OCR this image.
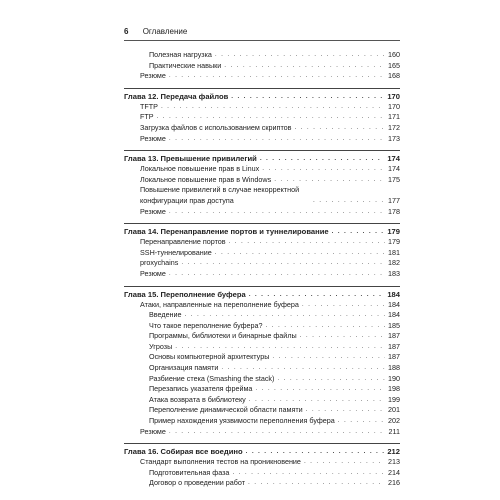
6 Оглавление
Полезная нагрузка . . .	160
Практические навыки . . .	165
Резюме . . .	168
Глава 12. Передача файлов . . .	170
TFTP . . .	170
FTP . . .	171
Загрузка файлов с использованием скриптов . . .	172
Резюме . . .	173
Глава 13. Превышение привилегий . . .	174
Локальное повышение прав в Linux . . .	174
Локальное повышение прав в Windows . . .	175
Повышение привилегий в случае некорректной конфигурации прав доступа . . .	177
Резюме . . .	178
Глава 14. Перенаправление портов и туннелирование . . .	179
Перенаправление портов . . .	179
SSH-туннелирование . . .	181
proxychains . . .	182
Резюме . . .	183
Глава 15. Переполнение буфера . . .	184
Атаки, направленные на переполнение буфера . . .	184
Введение . . .	184
Что такое переполнение буфера? . . .	185
Программы, библиотеки и бинарные файлы . . .	187
Угрозы . . .	187
Основы компьютерной архитектуры . . .	187
Организация памяти . . .	188
Разбиение стека (Smashing the stack) . . .	190
Перезапись указателя фрейма . . .	198
Атака возврата в библиотеку . . .	199
Переполнение динамической области памяти . . .	201
Пример нахождения уязвимости переполнения буфера . . .	202
Резюме . . .	211
Глава 16. Собирая все воедино . . .	212
Стандарт выполнения тестов на проникновение . . .	213
Подготовительная фаза . . .	214
Договор о проведении работ . . .	216
